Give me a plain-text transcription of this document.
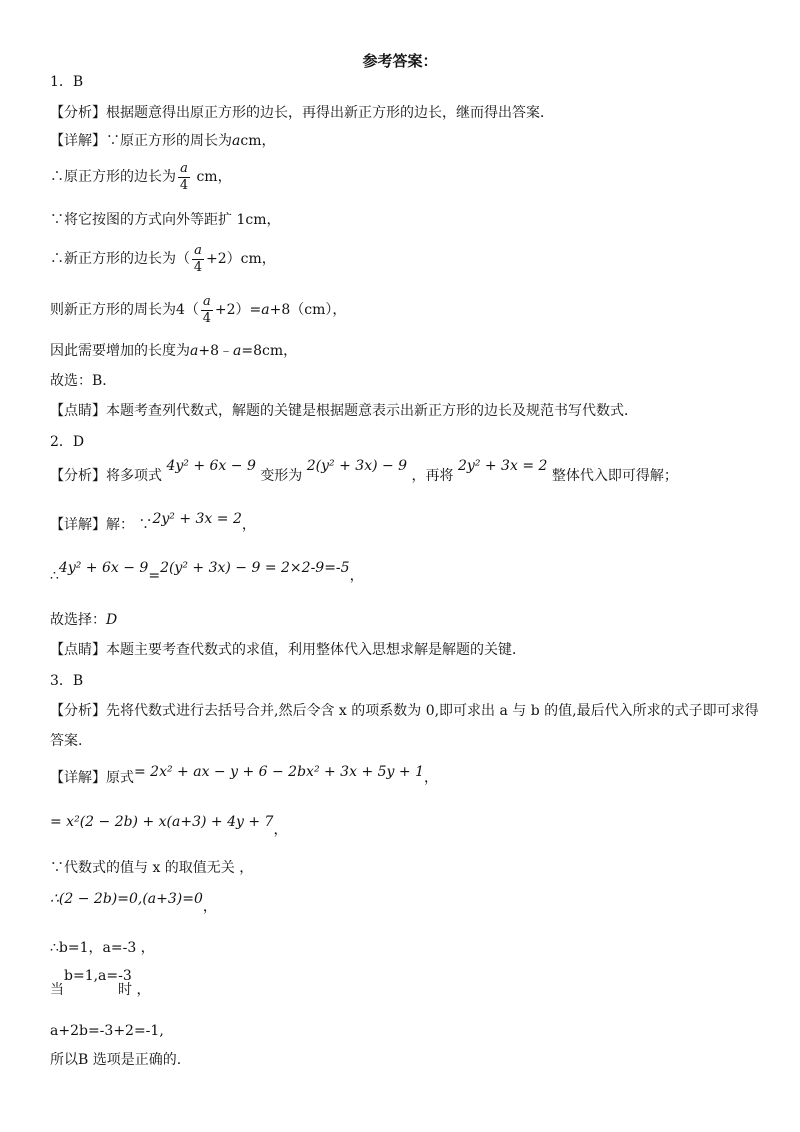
参考答案：
1．B
【分析】根据题意得出原正方形的边长，再得出新正方形的边长，继而得出答案．
【详解】∵原正方形的周长为acm，
∴原正方形的边长为 $\frac{a}{4}$ cm，
∵将它按图的方式向外等距扩 1cm，
∴新正方形的边长为（ $\frac{a}{4} +2)cm$，
则新正方形的周长为$4( \frac{a}{4} +2)=a+8(cm)$，
因此需要增加的长度为a+8﹣a=8cm，
故选：B．
【点睛】本题考查列代数式，解题的关键是根据题意表示出新正方形的边长及规范书写代数式．
2．D
【分析】将多项式 4y² + 6x − 9 变形为 2(y² + 3x) − 9 ，再将 2y² + 3x = 2 整体代入即可得解；
【详解】解： ∵2y² + 3x = 2，
∴4y² + 6x − 9=2(y² + 3x) − 9 = 2×2-9=-5，
故选择：D
【点睛】本题主要考查代数式的求值，利用整体代入思想求解是解题的关键．
3．B
【分析】先将代数式进行去括号合并,然后令含 x 的项系数为 0,即可求出 a 与 b 的值,最后代入所求的式子即可求得
答案.
【详解】原式= 2x² + ax − y + 6 − 2bx² + 3x + 5y + 1，
= x²(2 − 2b) + x(a+3) + 4y + 7，
∵代数式的值与 x 的取值无关 ，
∴(2 − 2b)=0,(a+3)=0，
∴b=1，a=-3 ，
当
b=1,a=-3
时 ，
a+2b=-3+2=-1,
所以B 选项是正确的.
